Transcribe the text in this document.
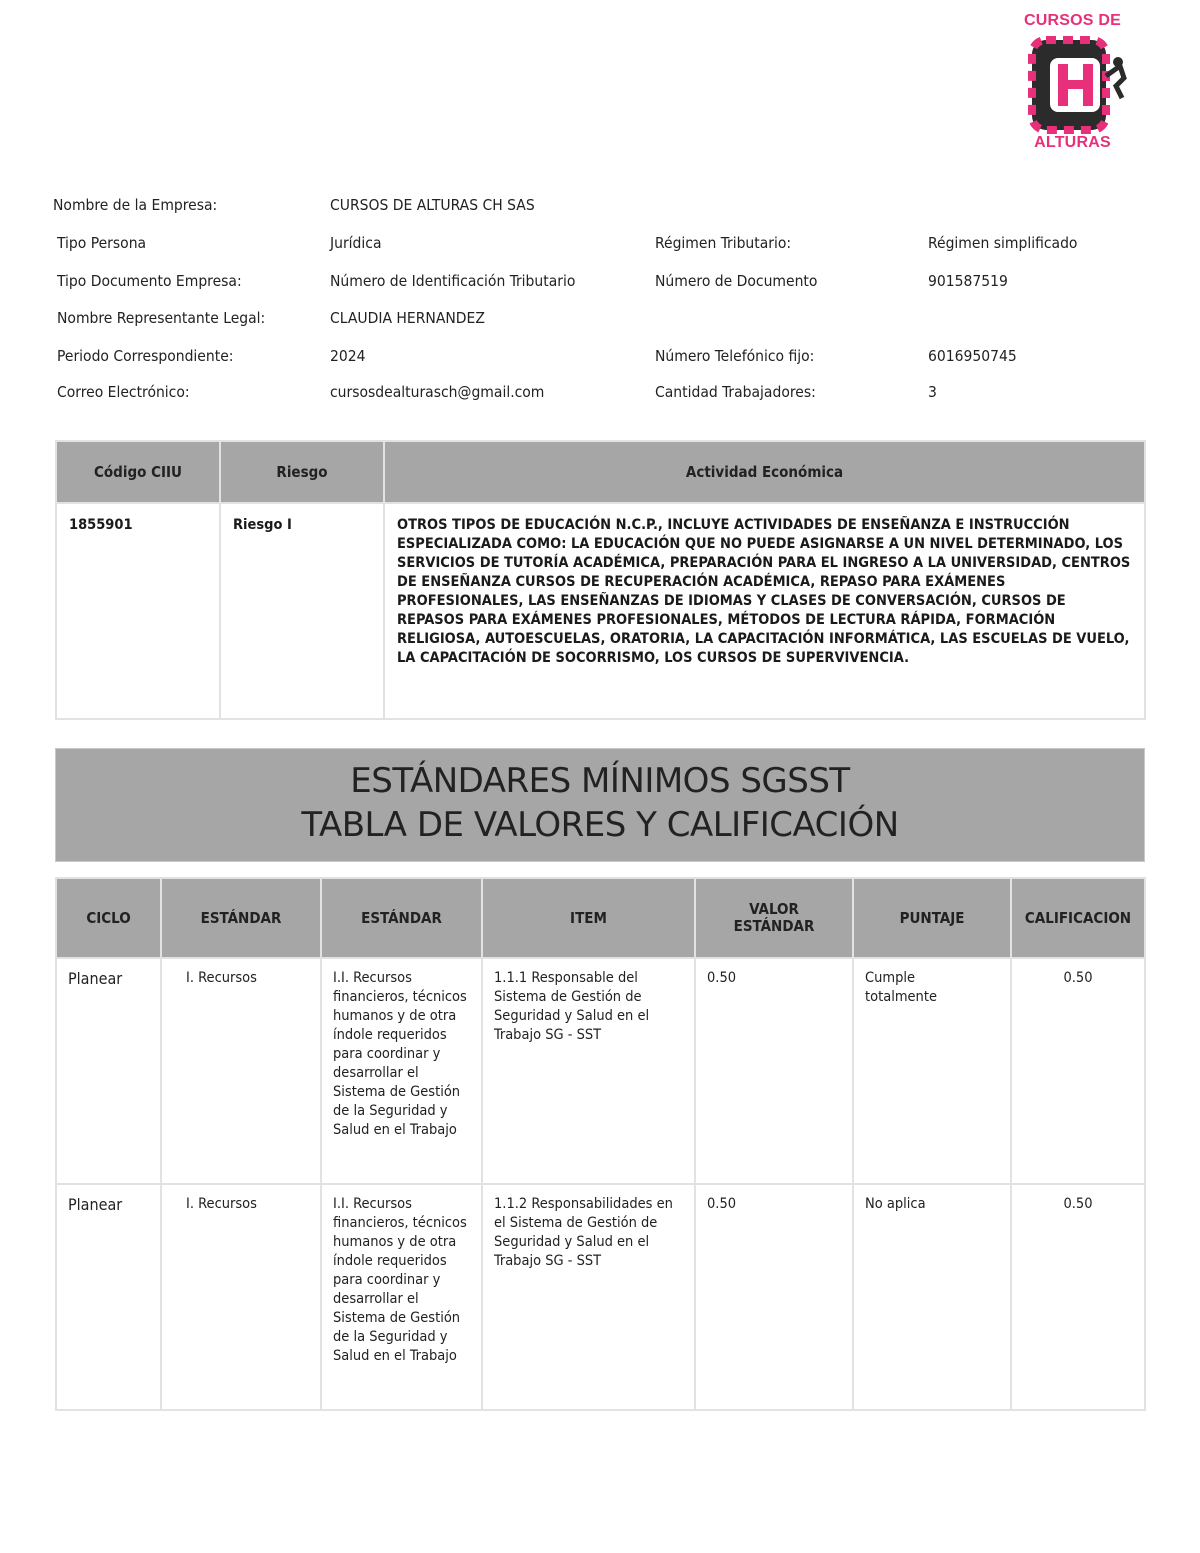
CURSOS DE
ALTURAS
Nombre de la Empresa:	CURSOS DE ALTURAS CH SAS
Tipo Persona	Jurídica	Régimen Tributario:	Régimen simplificado
Tipo Documento Empresa:	Número de Identificación Tributario	Número de Documento	901587519
Nombre Representante Legal:	CLAUDIA HERNANDEZ
Periodo Correspondiente:	2024	Número Telefónico fijo:	6016950745
Correo Electrónico:	cursosdealturasch@gmail.com	Cantidad Trabajadores:	3
Código CIIU	Riesgo	Actividad Económica
1855901	Riesgo I	OTROS TIPOS DE EDUCACIÓN N.C.P., INCLUYE ACTIVIDADES DE ENSEÑANZA E INSTRUCCIÓN ESPECIALIZADA COMO: LA EDUCACIÓN QUE NO PUEDE ASIGNARSE A UN NIVEL DETERMINADO, LOS SERVICIOS DE TUTORÍA ACADÉMICA, PREPARACIÓN PARA EL INGRESO A LA UNIVERSIDAD, CENTROS DE ENSEÑANZA CURSOS DE RECUPERACIÓN ACADÉMICA, REPASO PARA EXÁMENES PROFESIONALES, LAS ENSEÑANZAS DE IDIOMAS Y CLASES DE CONVERSACIÓN, CURSOS DE REPASOS PARA EXÁMENES PROFESIONALES, MÉTODOS DE LECTURA RÁPIDA, FORMACIÓN RELIGIOSA, AUTOESCUELAS, ORATORIA, LA CAPACITACIÓN INFORMÁTICA, LAS ESCUELAS DE VUELO, LA CAPACITACIÓN DE SOCORRISMO, LOS CURSOS DE SUPERVIVENCIA.
ESTÁNDARES MÍNIMOS SGSST
TABLA DE VALORES Y CALIFICACIÓN
CICLO	ESTÁNDAR	ESTÁNDAR	ITEM	VALOR ESTÁNDAR	PUNTAJE	CALIFICACION
Planear	I. Recursos	I.I. Recursos financieros, técnicos humanos y de otra índole requeridos para coordinar y desarrollar el Sistema de Gestión de la Seguridad y Salud en el Trabajo	1.1.1 Responsable del Sistema de Gestión de Seguridad y Salud en el Trabajo SG - SST	0.50	Cumple totalmente	0.50
Planear	I. Recursos	I.I. Recursos financieros, técnicos humanos y de otra índole requeridos para coordinar y desarrollar el Sistema de Gestión de la Seguridad y Salud en el Trabajo	1.1.2 Responsabilidades en el Sistema de Gestión de Seguridad y Salud en el Trabajo SG - SST	0.50	No aplica	0.50
